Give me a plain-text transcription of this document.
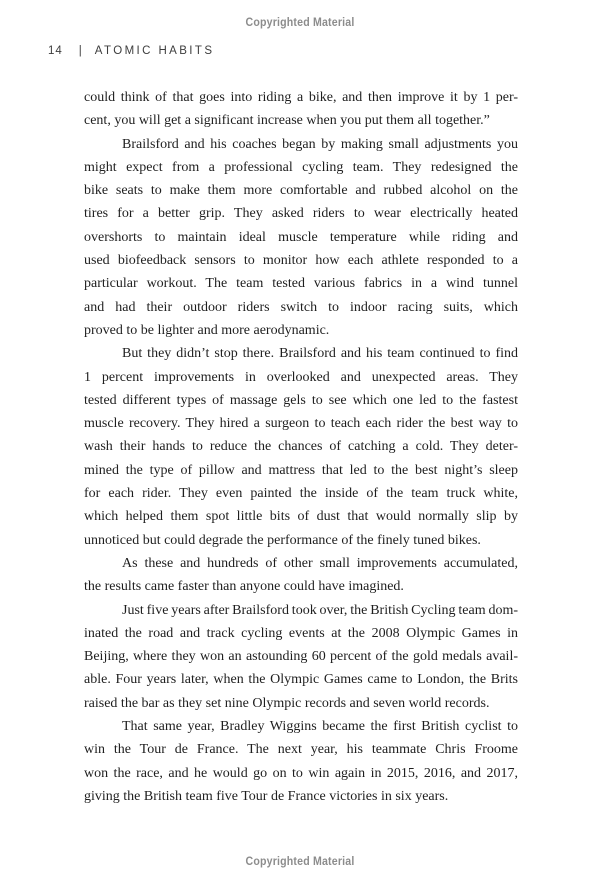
Copyrighted Material
14 | ATOMIC HABITS
could think of that goes into riding a bike, and then improve it by 1 per-
cent, you will get a significant increase when you put them all together.”
Brailsford and his coaches began by making small adjustments you
might expect from a professional cycling team. They redesigned the
bike seats to make them more comfortable and rubbed alcohol on the
tires for a better grip. They asked riders to wear electrically heated
overshorts to maintain ideal muscle temperature while riding and
used biofeedback sensors to monitor how each athlete responded to a
particular workout. The team tested various fabrics in a wind tunnel
and had their outdoor riders switch to indoor racing suits, which
proved to be lighter and more aerodynamic.
But they didn’t stop there. Brailsford and his team continued to find
1 percent improvements in overlooked and unexpected areas. They
tested different types of massage gels to see which one led to the fastest
muscle recovery. They hired a surgeon to teach each rider the best way to
wash their hands to reduce the chances of catching a cold. They deter-
mined the type of pillow and mattress that led to the best night’s sleep
for each rider. They even painted the inside of the team truck white,
which helped them spot little bits of dust that would normally slip by
unnoticed but could degrade the performance of the finely tuned bikes.
As these and hundreds of other small improvements accumulated,
the results came faster than anyone could have imagined.
Just five years after Brailsford took over, the British Cycling team dom-
inated the road and track cycling events at the 2008 Olympic Games in
Beijing, where they won an astounding 60 percent of the gold medals avail-
able. Four years later, when the Olympic Games came to London, the Brits
raised the bar as they set nine Olympic records and seven world records.
That same year, Bradley Wiggins became the first British cyclist to
win the Tour de France. The next year, his teammate Chris Froome
won the race, and he would go on to win again in 2015, 2016, and 2017,
giving the British team five Tour de France victories in six years.
Copyrighted Material
